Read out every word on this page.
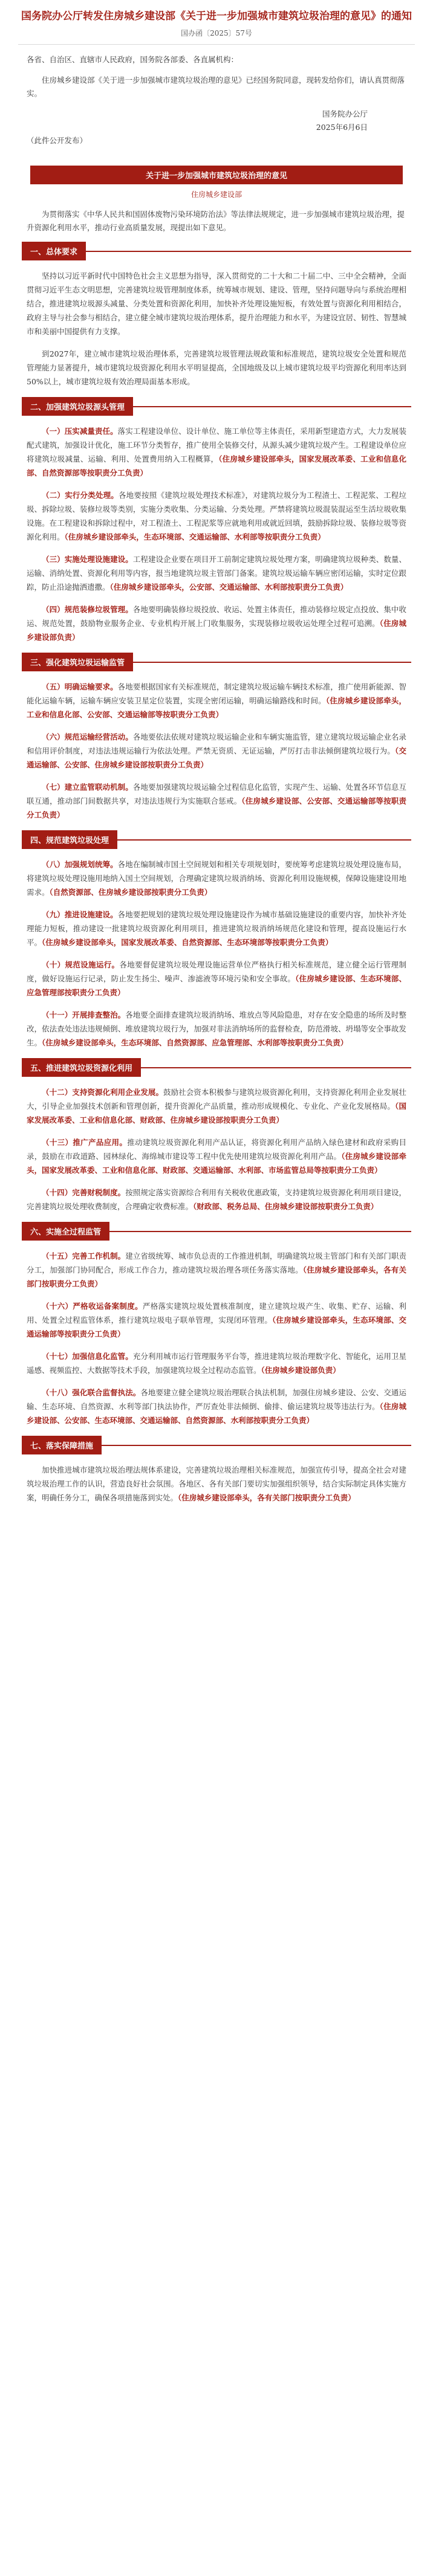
国务院办公厅转发住房城乡建设部《关于进一步加强城市建筑垃圾治理的意见》的通知
国办函〔2025〕57号

各省、自治区、直辖市人民政府，国务院各部委、各直属机构：

住房城乡建设部《关于进一步加强城市建筑垃圾治理的意见》已经国务院同意，现转发给你们，请认真贯彻落实。

国务院办公厅
2025年6月6日

（此件公开发布）

关于进一步加强城市建筑垃圾治理的意见
住房城乡建设部

为贯彻落实《中华人民共和国固体废物污染环境防治法》等法律法规规定，进一步加强城市建筑垃圾治理，提升资源化利用水平，推动行业高质量发展，现提出如下意见。

一、总体要求

坚持以习近平新时代中国特色社会主义思想为指导，深入贯彻党的二十大和二十届二中、三中全会精神，全面贯彻习近平生态文明思想，完善建筑垃圾管理制度体系，统筹城市规划、建设、管理，坚持问题导向与系统治理相结合，推进建筑垃圾源头减量、分类处置和资源化利用，加快补齐处理设施短板，有效处置与资源化利用相结合，政府主导与社会参与相结合，建立健全城市建筑垃圾治理体系，提升治理能力和水平，为建设宜居、韧性、智慧城市和美丽中国提供有力支撑。

到2027年，建立城市建筑垃圾治理体系，完善建筑垃圾管理法规政策和标准规范，建筑垃圾安全处置和规范管理能力显著提升，城市建筑垃圾资源化利用水平明显提高，全国地级及以上城市建筑垃圾平均资源化利用率达到50%以上，城市建筑垃圾有效治理局面基本形成。

二、加强建筑垃圾源头管理

（一）压实减量责任。落实工程建设单位、设计单位、施工单位等主体责任，采用新型建造方式，大力发展装配式建筑，加强设计优化，施工环节分类暂存，推广使用全装修交付，从源头减少建筑垃圾产生。工程建设单位应将建筑垃圾减量、运输、利用、处置费用纳入工程概算，（住房城乡建设部牵头，国家发展改革委、工业和信息化部、自然资源部等按职责分工负责）

（二）实行分类处理。各地要按照《建筑垃圾处理技术标准》，对建筑垃圾分为工程渣土、工程泥浆、工程垃圾、拆除垃圾、装修垃圾等类别，实施分类收集、分类运输、分类处理。严禁将建筑垃圾混装混运至生活垃圾收集设施。在工程建设和拆除过程中，对工程渣土、工程泥浆等应就地利用或就近回填，鼓励拆除垃圾、装修垃圾等资源化利用。（住房城乡建设部牵头，生态环境部、交通运输部、水利部等按职责分工负责）

（三）实施处理设施建设。工程建设企业要在项目开工前制定建筑垃圾处理方案，明确建筑垃圾种类、数量、运输、消纳处置、资源化利用等内容，报当地建筑垃圾主管部门备案。建筑垃圾运输车辆应密闭运输，实时定位跟踪，防止沿途抛洒遗撒。（住房城乡建设部牵头，公安部、交通运输部、水利部按职责分工负责）

（四）规范装修垃圾管理。各地要明确装修垃圾投放、收运、处置主体责任，推动装修垃圾定点投放、集中收运、规范处置，鼓励物业服务企业、专业机构开展上门收集服务，实现装修垃圾收运处理全过程可追溯。（住房城乡建设部负责）

三、强化建筑垃圾运输监管

（五）明确运输要求。各地要根据国家有关标准规范，制定建筑垃圾运输车辆技术标准，推广使用新能源、智能化运输车辆，运输车辆应安装卫星定位装置，实现全密闭运输，明确运输路线和时间。（住房城乡建设部牵头，工业和信息化部、公安部、交通运输部等按职责分工负责）

（六）规范运输经营活动。各地要依法依规对建筑垃圾运输企业和车辆实施监管，建立建筑垃圾运输企业名录和信用评价制度，对违法违规运输行为依法处理。严禁无资质、无证运输，严厉打击非法倾倒建筑垃圾行为。（交通运输部、公安部、住房城乡建设部按职责分工负责）

（七）建立监管联动机制。各地要加强建筑垃圾运输全过程信息化监管，实现产生、运输、处置各环节信息互联互通，推动部门间数据共享，对违法违规行为实施联合惩戒。（住房城乡建设部、公安部、交通运输部等按职责分工负责）

四、规范建筑垃圾处理

（八）加强规划统筹。各地在编制城市国土空间规划和相关专项规划时，要统筹考虑建筑垃圾处理设施布局，将建筑垃圾处理设施用地纳入国土空间规划，合理确定建筑垃圾消纳场、资源化利用设施规模，保障设施建设用地需求。（自然资源部、住房城乡建设部按职责分工负责）

（九）推进设施建设。各地要把规划的建筑垃圾处理设施建设作为城市基础设施建设的重要内容，加快补齐处理能力短板，推动建设一批建筑垃圾资源化利用项目，推进建筑垃圾消纳场规范化建设和管理，提高设施运行水平。（住房城乡建设部牵头，国家发展改革委、自然资源部、生态环境部等按职责分工负责）

（十）规范设施运行。各地要督促建筑垃圾处理设施运营单位严格执行相关标准规范，建立健全运行管理制度，做好设施运行记录，防止发生扬尘、噪声、渗滤液等环境污染和安全事故。（住房城乡建设部、生态环境部、应急管理部按职责分工负责）

（十一）开展排查整治。各地要全面排查建筑垃圾消纳场、堆放点等风险隐患，对存在安全隐患的场所及时整改，依法查处违法违规倾倒、堆放建筑垃圾行为，加强对非法消纳场所的监督检查，防范滑坡、坍塌等安全事故发生。（住房城乡建设部牵头，生态环境部、自然资源部、应急管理部、水利部等按职责分工负责）

五、推进建筑垃圾资源化利用

（十二）支持资源化利用企业发展。鼓励社会资本积极参与建筑垃圾资源化利用，支持资源化利用企业发展壮大，引导企业加强技术创新和管理创新，提升资源化产品质量，推动形成规模化、专业化、产业化发展格局。（国家发展改革委、工业和信息化部、财政部、住房城乡建设部按职责分工负责）

（十三）推广产品应用。推动建筑垃圾资源化利用产品认证，将资源化利用产品纳入绿色建材和政府采购目录，鼓励在市政道路、园林绿化、海绵城市建设等工程中优先使用建筑垃圾资源化利用产品。（住房城乡建设部牵头，国家发展改革委、工业和信息化部、财政部、交通运输部、水利部、市场监管总局等按职责分工负责）

（十四）完善财税制度。按照规定落实资源综合利用有关税收优惠政策，支持建筑垃圾资源化利用项目建设，完善建筑垃圾处理收费制度，合理确定收费标准。（财政部、税务总局、住房城乡建设部按职责分工负责）

六、实施全过程监管

（十五）完善工作机制。建立省级统筹、城市负总责的工作推进机制，明确建筑垃圾主管部门和有关部门职责分工，加强部门协同配合，形成工作合力，推动建筑垃圾治理各项任务落实落地。（住房城乡建设部牵头，各有关部门按职责分工负责）

（十六）严格收运备案制度。严格落实建筑垃圾处置核准制度，建立建筑垃圾产生、收集、贮存、运输、利用、处置全过程监管体系，推行建筑垃圾电子联单管理，实现闭环管理。（住房城乡建设部牵头，生态环境部、交通运输部等按职责分工负责）

（十七）加强信息化监管。充分利用城市运行管理服务平台等，推进建筑垃圾治理数字化、智能化，运用卫星遥感、视频监控、大数据等技术手段，加强建筑垃圾全过程动态监管。（住房城乡建设部负责）

（十八）强化联合监督执法。各地要建立健全建筑垃圾治理联合执法机制，加强住房城乡建设、公安、交通运输、生态环境、自然资源、水利等部门执法协作，严厉查处非法倾倒、偷排、偷运建筑垃圾等违法行为。（住房城乡建设部、公安部、生态环境部、交通运输部、自然资源部、水利部按职责分工负责）

七、落实保障措施

加快推进城市建筑垃圾治理法规体系建设，完善建筑垃圾治理相关标准规范，加强宣传引导，提高全社会对建筑垃圾治理工作的认识，营造良好社会氛围。各地区、各有关部门要切实加强组织领导，结合实际制定具体实施方案，明确任务分工，确保各项措施落到实处。（住房城乡建设部牵头，各有关部门按职责分工负责）
